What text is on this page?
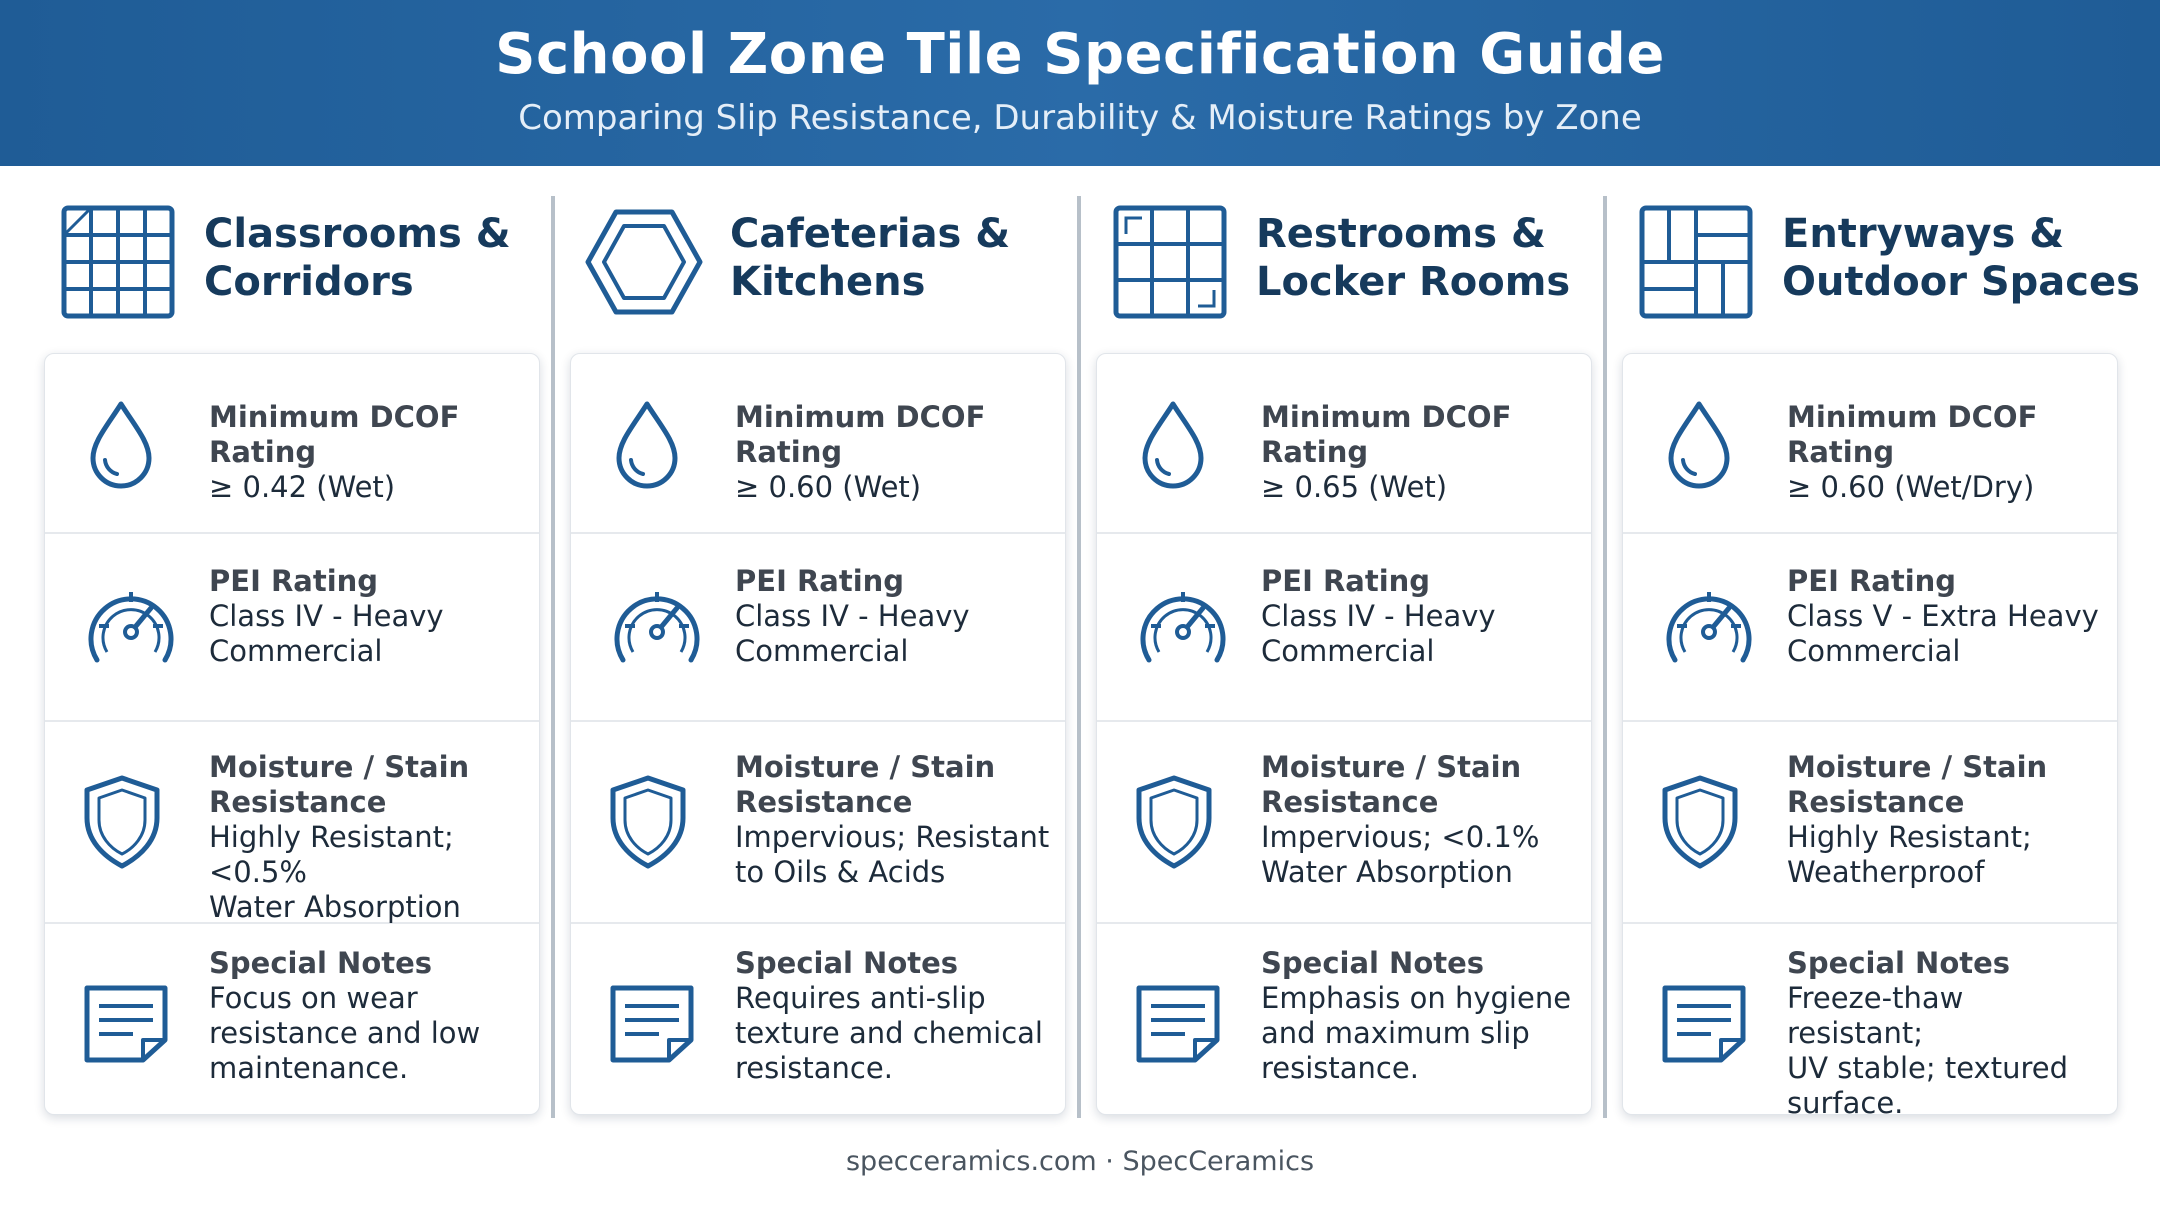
School Zone Tile Specification Guide
Comparing Slip Resistance, Durability & Moisture Ratings by Zone
Classrooms &
Corridors
Minimum DCOF Rating
≥ 0.42 (Wet)
PEI Rating
Class IV - Heavy
Commercial
Moisture / Stain
Resistance
Highly Resistant; <0.5%
Water Absorption
Special Notes
Focus on wear
resistance and low
maintenance.
Cafeterias &
Kitchens
Minimum DCOF Rating
≥ 0.60 (Wet)
PEI Rating
Class IV - Heavy
Commercial
Moisture / Stain
Resistance
Impervious; Resistant
to Oils & Acids
Special Notes
Requires anti-slip
texture and chemical
resistance.
Restrooms &
Locker Rooms
Minimum DCOF Rating
≥ 0.65 (Wet)
PEI Rating
Class IV - Heavy
Commercial
Moisture / Stain
Resistance
Impervious; <0.1%
Water Absorption
Special Notes
Emphasis on hygiene
and maximum slip
resistance.
Entryways &
Outdoor Spaces
Minimum DCOF Rating
≥ 0.60 (Wet/Dry)
PEI Rating
Class V - Extra Heavy
Commercial
Moisture / Stain
Resistance
Highly Resistant;
Weatherproof
Special Notes
Freeze-thaw resistant;
UV stable; textured
surface.
specceramics.com · SpecCeramics
